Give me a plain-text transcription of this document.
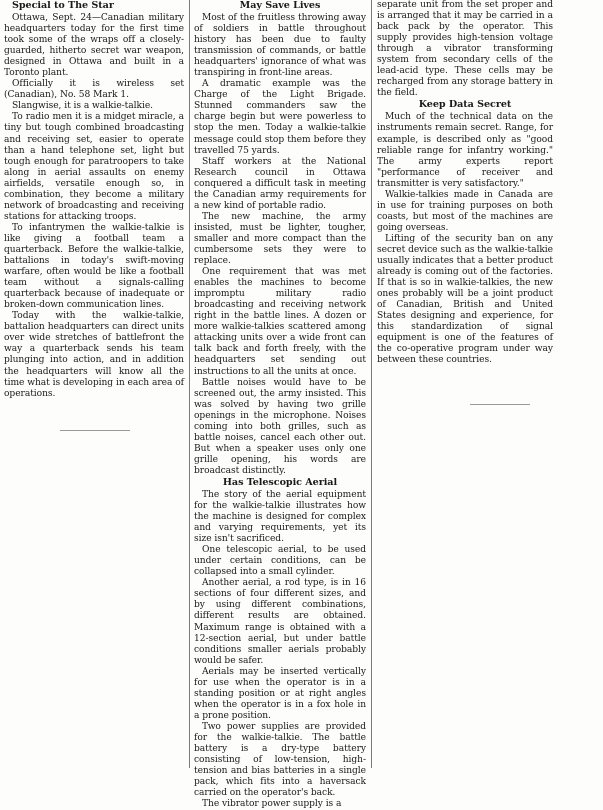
Special to The Star

Ottawa, Sept. 24—Canadian military headquarters today for the first time took some of the wraps off a closely-guarded, hitherto secret war weapon, designed in Ottawa and built in a Toronto plant.

Officially it is wireless set (Canadian), No. 58 Mark 1.

Slangwise, it is a walkie-talkie.

To radio men it is a midget miracle, a tiny but tough combined broadcasting and receiving set, easier to operate than a hand telephone set, light but tough enough for paratroopers to take along in aerial assaults on enemy airfields, versatile enough so, in combination, they become a military network of broadcasting and receiving stations for attacking troops.

To infantrymen the walkie-talkie is like giving a football team a quarterback. Before the walkie-talkie, battalions in today's swift-moving warfare, often would be like a football team without a signals-calling quarterback because of inadequate or broken-down communication lines.

Today with the walkie-talkie, battalion headquarters can direct units over wide stretches of battlefront the way a quarterback sends his team plunging into action, and in addition the headquarters will know all the time what is developing in each area of operations.

May Save Lives

Most of the fruitless throwing away of soldiers in battle throughout history has been due to faulty transmission of commands, or battle headquarters' ignorance of what was transpiring in front-line areas.

A dramatic example was the Charge of the Light Brigade. Stunned commanders saw the charge begin but were powerless to stop the men. Today a walkie-talkie message could stop them before they travelled 75 yards.

Staff workers at the National Research council in Ottawa conquered a difficult task in meeting the Canadian army requirements for a new kind of portable radio.

The new machine, the army insisted, must be lighter, tougher, smaller and more compact than the cumbersome sets they were to replace.

One requirement that was met enables the machines to become impromptu military radio broadcasting and receiving network right in the battle lines. A dozen or more walkie-talkies scattered among attacking units over a wide front can talk back and forth freely, with the headquarters set sending out instructions to all the units at once.

Battle noises would have to be screened out, the army insisted. This was solved by having two grille openings in the microphone. Noises coming into both grilles, such as battle noises, cancel each other out. But when a speaker uses only one grille opening, his words are broadcast distinctly.

Has Telescopic Aerial

The story of the aerial equipment for the walkie-talkie illustrates how the machine is designed for complex and varying requirements, yet its size isn't sacrificed.

One telescopic aerial, to be used under certain conditions, can be collapsed into a small cylinder.

Another aerial, a rod type, is in 16 sections of four different sizes, and by using different combinations, different results are obtained. Maximum range is obtained with a 12-section aerial, but under battle conditions smaller aerials probably would be safer.

Aerials may be inserted vertically for use when the operator is in a standing position or at right angles when the operator is in a fox hole in a prone position.

Two power supplies are provided for the walkie-talkie. The battle battery is a dry-type battery consisting of low-tension, high-tension and bias batteries in a single pack, which fits into a haversack carried on the operator's back.

The vibrator power supply is a

separate unit from the set proper and is arranged that it may be carried in a back pack by the operator. This supply provides high-tension voltage through a vibrator transforming system from secondary cells of the lead-acid type. These cells may be recharged from any storage battery in the field.

Keep Data Secret

Much of the technical data on the instruments remain secret. Range, for example, is described only as "good reliable range for infantry working." The army experts report "performance of receiver and transmitter is very satisfactory."

Walkie-talkies made in Canada are in use for training purposes on both coasts, but most of the machines are going overseas.

Lifting of the security ban on any secret device such as the walkie-talkie usually indicates that a better product already is coming out of the factories. If that is so in walkie-talkies, the new ones probably will be a joint product of Canadian, British and United States designing and experience, for this standardization of signal equipment is one of the features of the co-operative program under way between these countries.
